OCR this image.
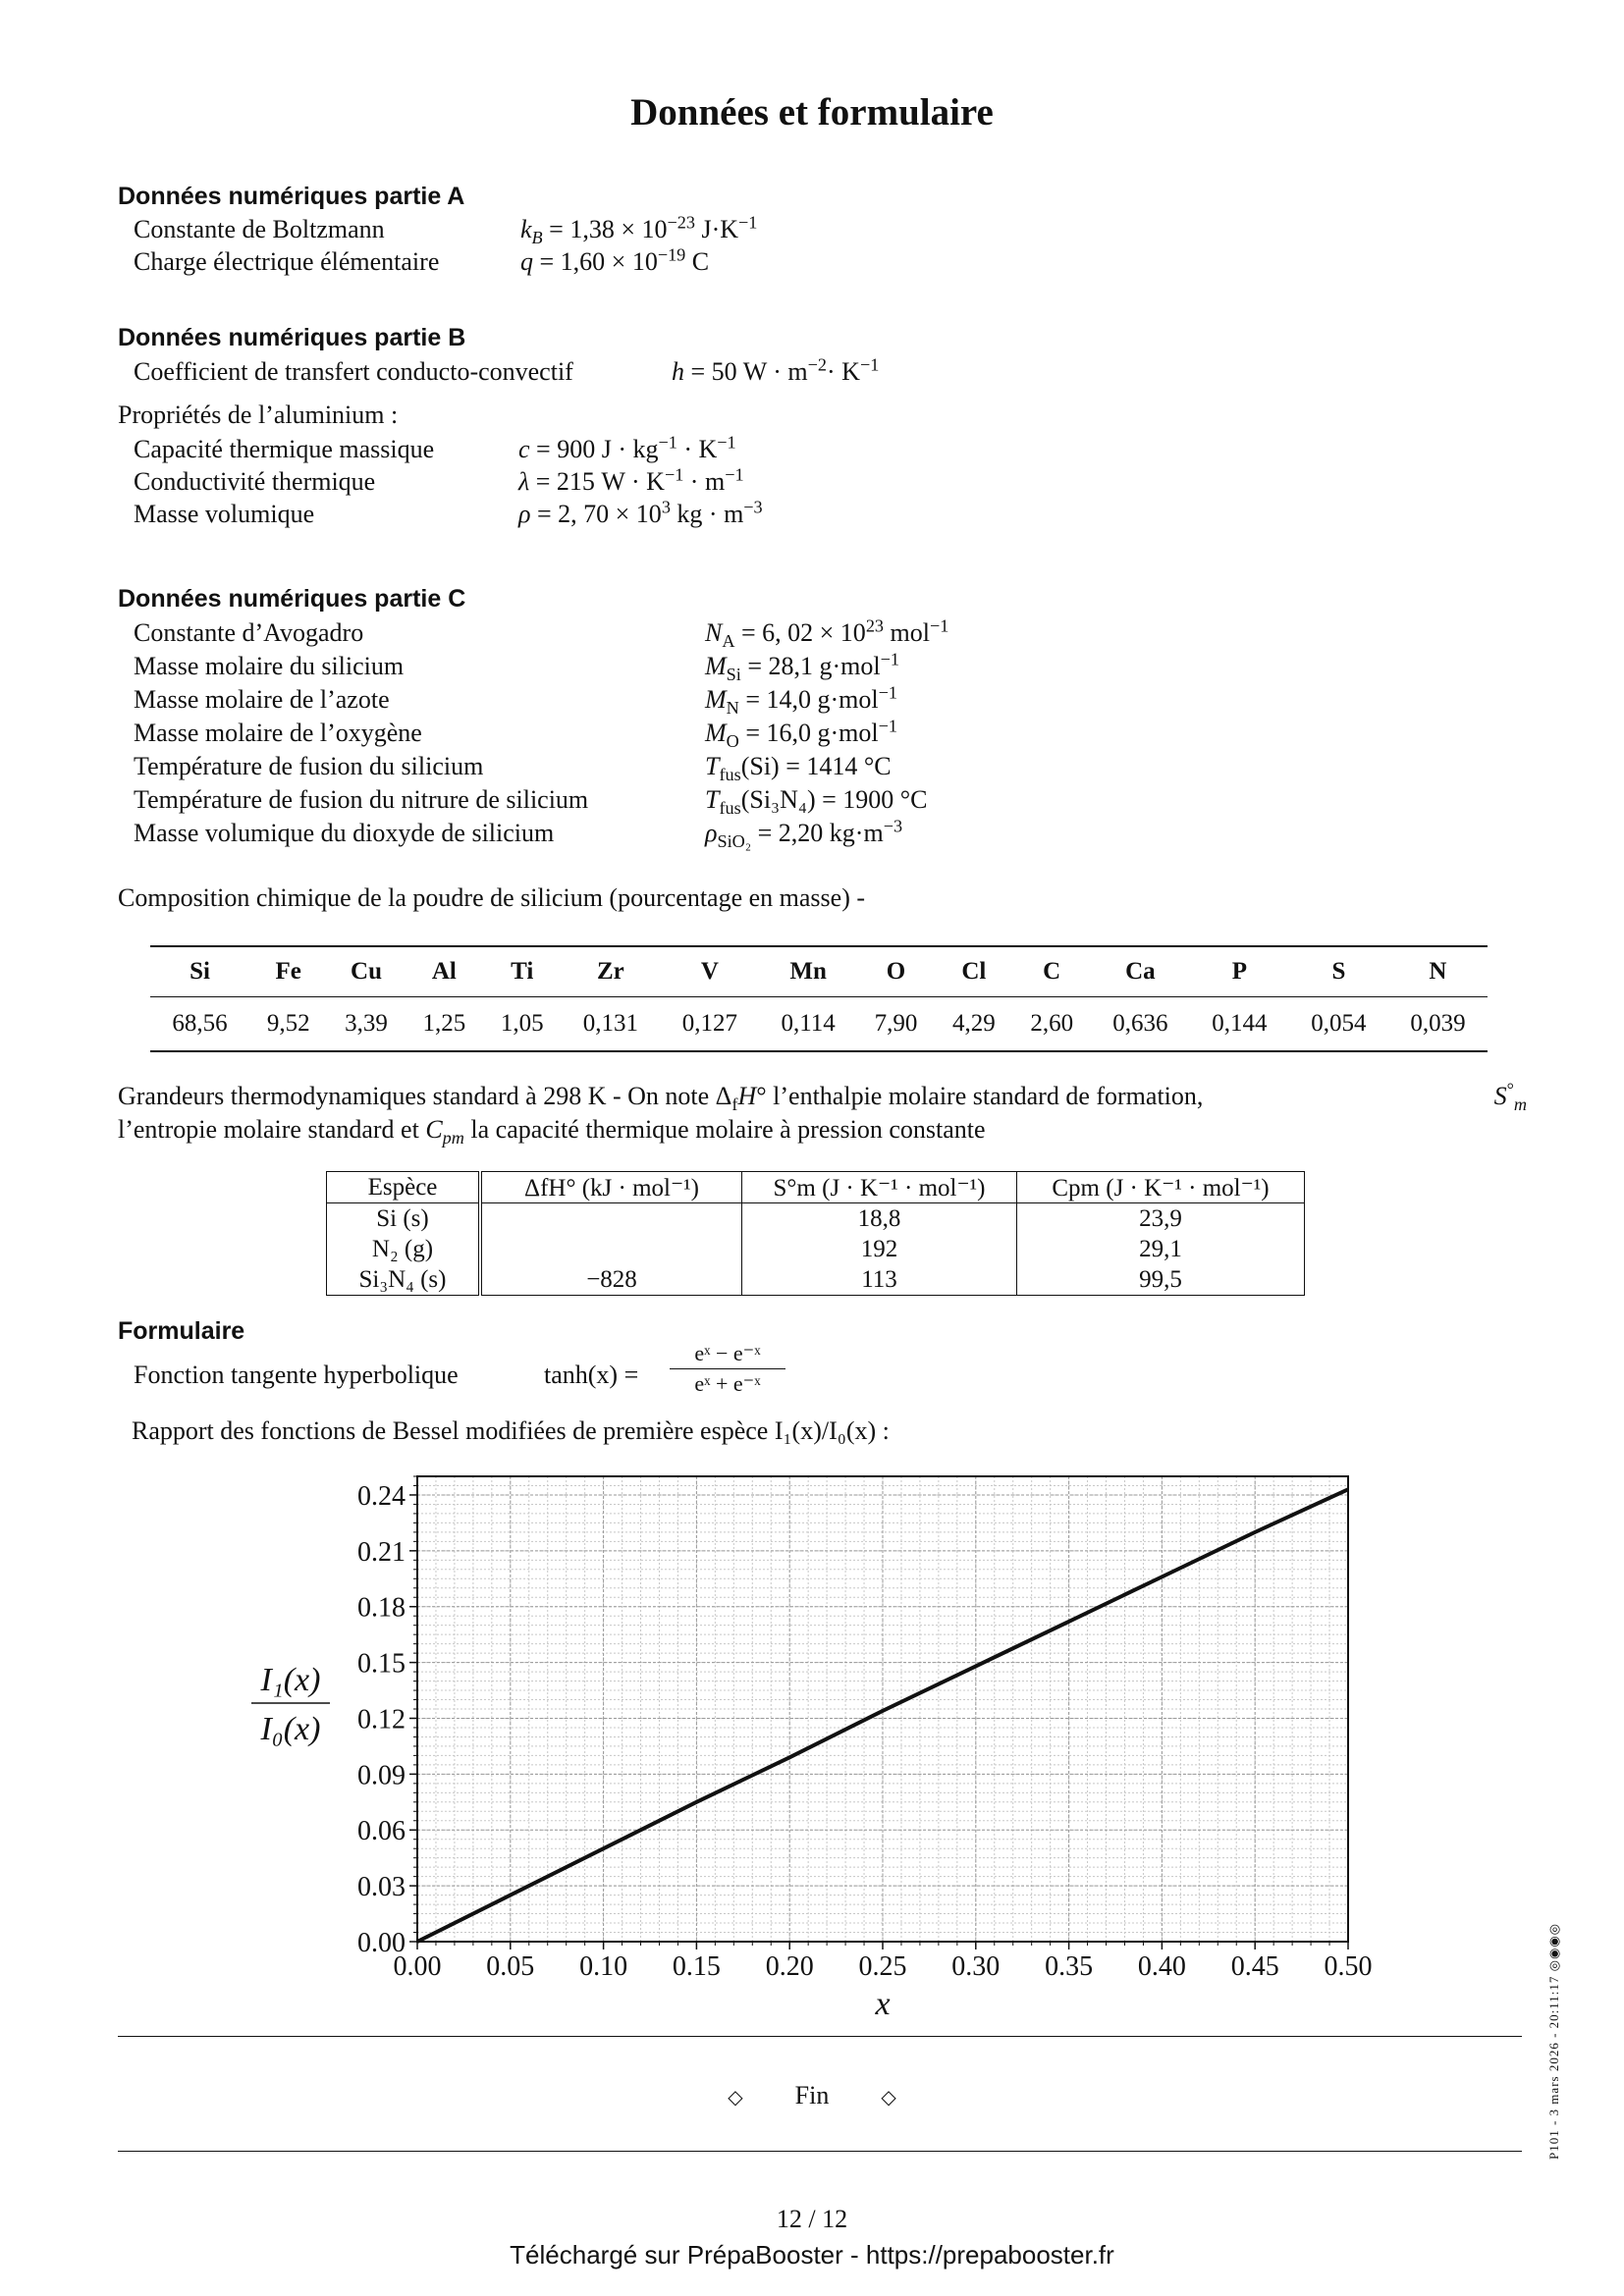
Données et formulaire
Données numériques partie A
Constante de Boltzmann	$k_B = 1,38 \times 10^{-23}$ $J\cdot K^{-1}$
Charge électrique élémentaire	$q = 1,60 \times 10^{-19}$ C
Données numériques partie B
Coefficient de transfert conducto-convectif	h = 50 $W \cdot m^{-2}\cdot K^{-1}$
Propriétés de l’aluminium :
Capacité thermique massique	c = 900 $J \cdot kg^{-1} \cdot K^{-1}$
Conductivité thermique	λ = 215 $W \cdot K^{-1} \cdot m^{-1}$
Masse volumique	ρ = 2, $70 \times 10^3$ kg · $m^{-3}$
Données numériques partie C
Constante d’Avogadro	$N_A = 6$, $02 \times 10^{23}$ mol$^{-1}$
Masse molaire du silicium	$M_{Si} = 28,1$ g·mol$^{-1}$
Masse molaire de l’azote	$M_N = 14,0$ g·mol$^{-1}$
Masse molaire de l’oxygène	$M_O = 16,0$ g·mol$^{-1}$
Température de fusion du silicium	$T_{fus}(Si) = 1414$ °C
Température de fusion du nitrure de silicium	$T_{fus}(Si_3N_4) = 1900$ °C
Masse volumique du dioxyde de silicium	$\rho_{SiO_2} = 2,20$ $kg\cdot m^{-3}$
Composition chimique de la poudre de silicium (pourcentage en masse) -
Si	Fe	Cu	Al	Ti	Zr	V	Mn	O	Cl	C	Ca	P	S	N
68,56	9,52	3,39	1,25	1,05	0,131	0,127	0,114	7,90	4,29	2,60	0,636	0,144	0,054	0,039
Grandeurs thermodynamiques standard à 298 K - On note $\Delta_fH^\circ$ l’enthalpie molaire standard de formation,	$S^\circ_m$

l’entropie molaire standard et $C_{pm}$ la capacité thermique molaire à pression constante
Espèce	ΔfH° (kJ · mol⁻¹)	S°m (J · K⁻¹ · mol⁻¹)	Cpm (J · K⁻¹ · mol⁻¹)
Si (s)		18,8	23,9
N₂ (g)		192	29,1
Si₃N₄ (s)	−828	113	99,5
Formulaire
Fonction tangente hyperbolique	tanh(x) =
eˣ − e⁻ˣ
eˣ + e⁻ˣ
Rapport des fonctions de Bessel modifiées de première espèce I₁(x)/I₀(x) :
0.00 0.05 0.10 0.15 0.20 0.25 0.30 0.35 0.40 0.45 0.50
0.00
0.03
0.06
0.09
0.12
0.15
0.18
0.21
0.24
x
I₁(x)
I₀(x)
◇ Fin	◇
12 / 12
Téléchargé sur PrépaBooster - https://prepabooster.fr
P101 - 3 mars 2026 - 20:11:17 ◎◉◉◎
